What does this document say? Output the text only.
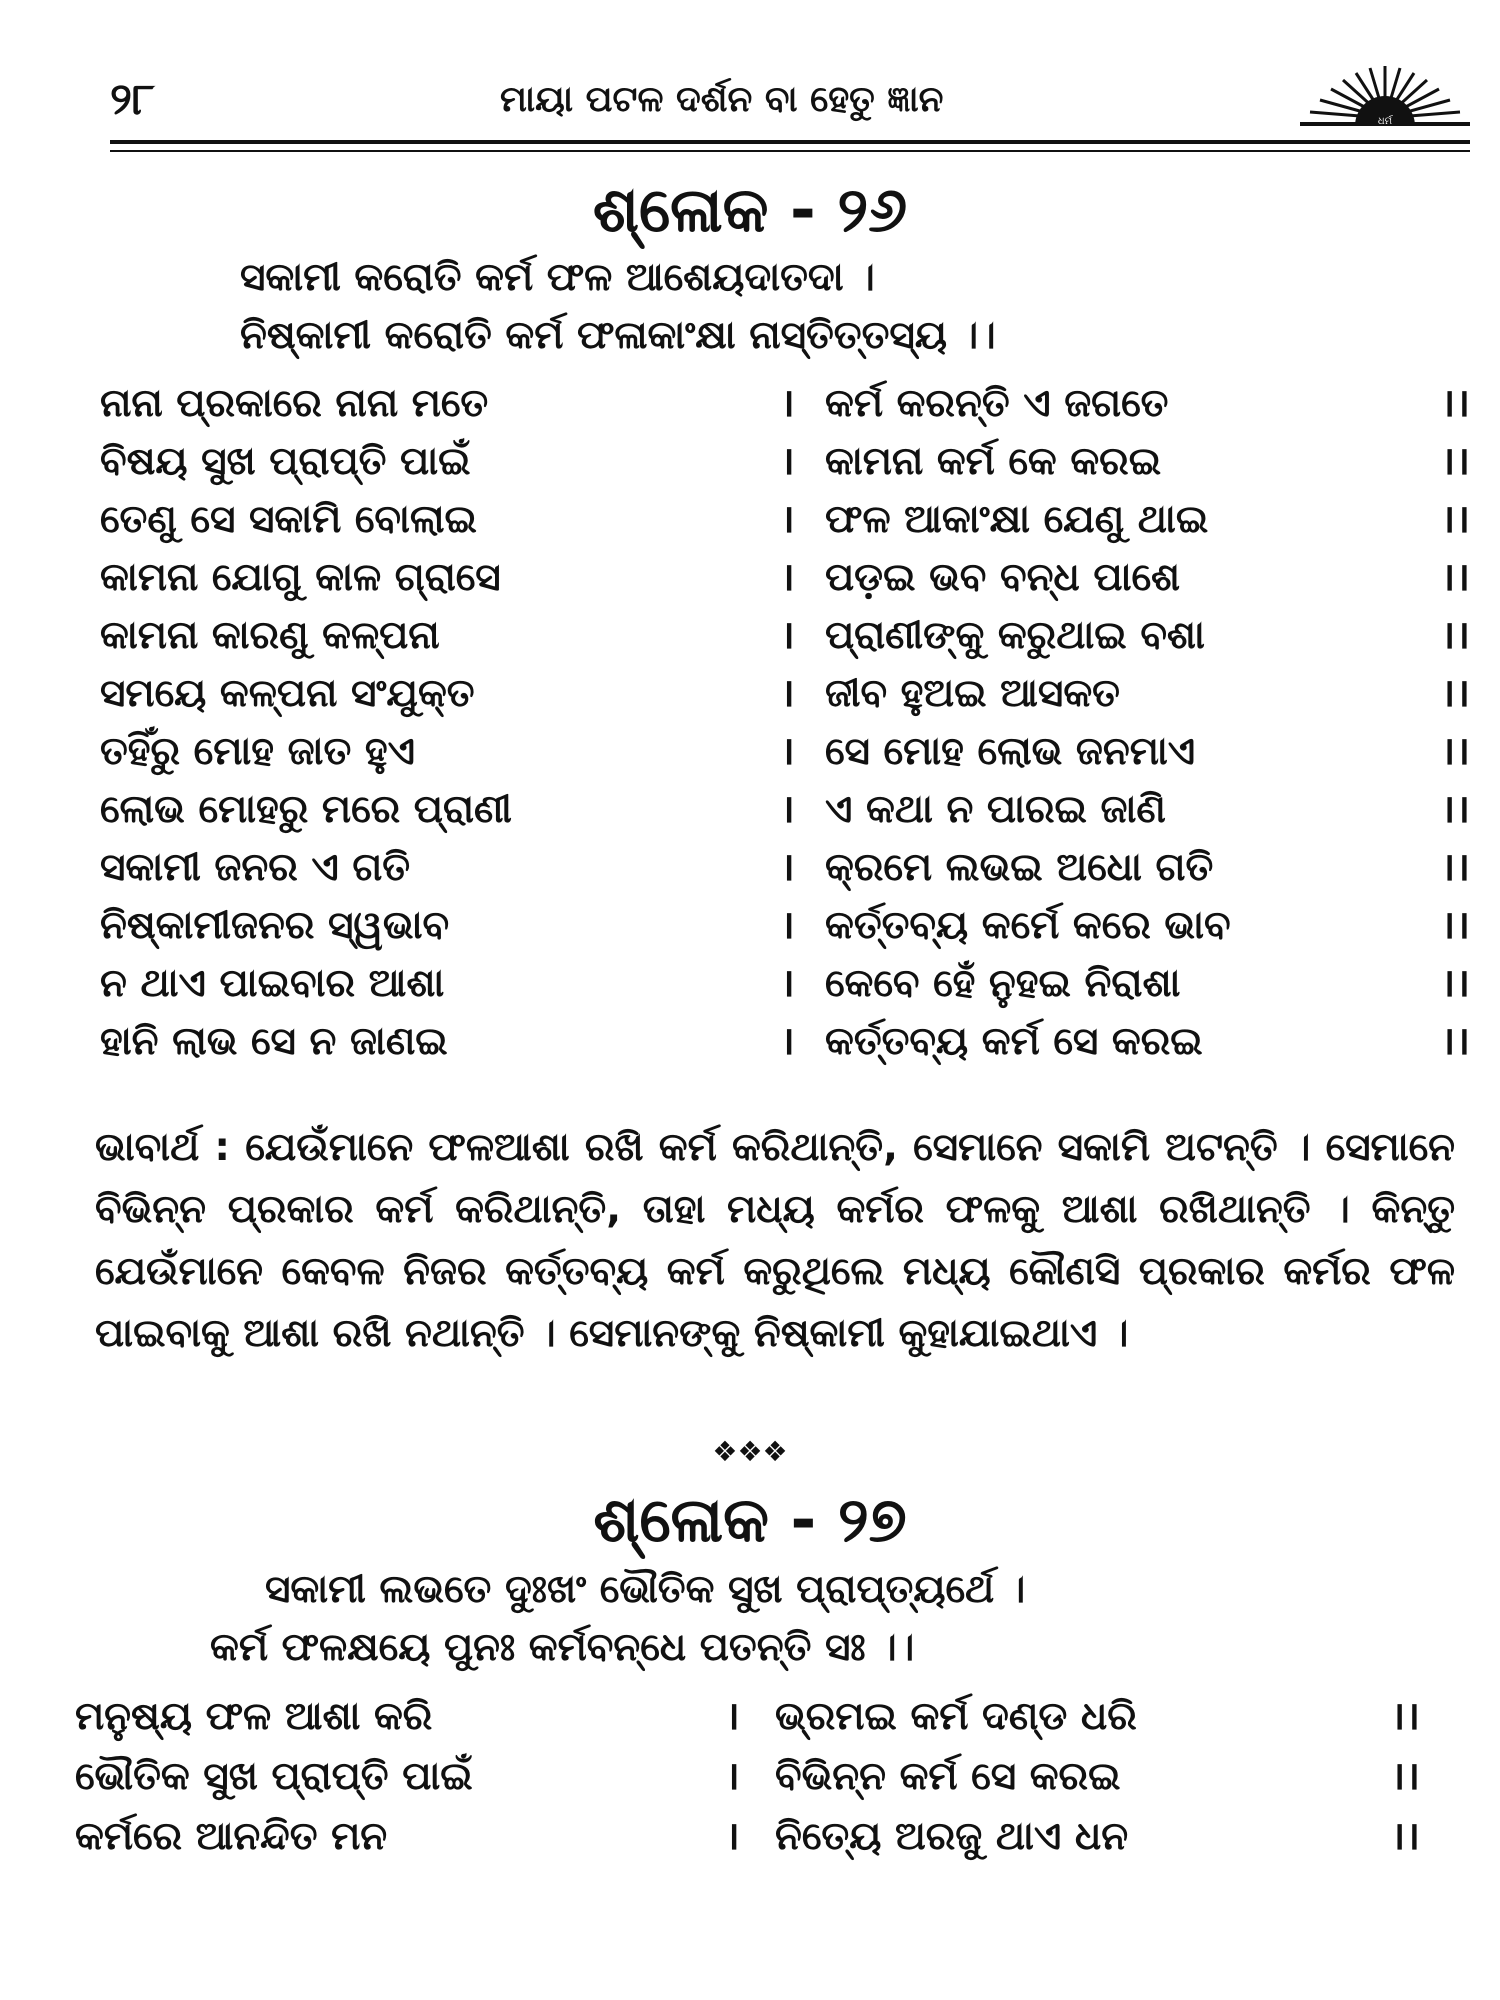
୨୮	ମାୟା ପଟଳ ଦର୍ଶନ ବା ହେତୁ ଜ୍ଞାନ
ଧର୍ମ
ଶ୍ଳୋକ - ୨୬
ସକାମୀ କରୋତି କର୍ମ ଫଳ ଆଶେୟଦାତଦା ।
ନିଷ୍କାମୀ କରୋତି କର୍ମ ଫଳାକାଂକ୍ଷା ନାସ୍ତିତ୍ତସ୍ୟ ।।
ନାନା ପ୍ରକାରେ ନାନା ମତେ	। କର୍ମ କରନ୍ତି ଏ ଜଗତେ	।।
ବିଷୟ ସୁଖ ପ୍ରାପ୍ତି ପାଇଁ	। କାମନା କର୍ମ କେ କରଇ	।।
ତେଣୁ ସେ ସକାମି ବୋଲାଇ	। ଫଳ ଆକାଂକ୍ଷା ଯେଣୁ ଥାଇ	।।
କାମନା ଯୋଗୁ କାଳ ଗ୍ରାସେ	। ପଡ଼ଇ ଭବ ବନ୍ଧ ପାଶେ	।।
କାମନା କାରଣୁ କଳ୍ପନା	। ପ୍ରାଣୀଙ୍କୁ କରୁଥାଇ ବଶା	।।
ସମୟେ କଳ୍ପନା ସଂଯୁକ୍ତ	। ଜୀବ ହୁଅଇ ଆସକତ	।।
ତହିଁରୁ ମୋହ ଜାତ ହୁଏ	। ସେ ମୋହ ଲୋଭ ଜନମାଏ	।।
ଲୋଭ ମୋହରୁ ମରେ ପ୍ରାଣୀ	। ଏ କଥା ନ ପାରଇ ଜାଣି	।।
ସକାମୀ ଜନର ଏ ଗତି	। କ୍ରମେ ଲଭଇ ଅଧୋ ଗତି	।।
ନିଷ୍କାମୀଜନର ସ୍ୱଭାବ	। କର୍ତ୍ତବ୍ୟ କର୍ମେ କରେ ଭାବ	।।
ନ ଥାଏ ପାଇବାର ଆଶା	। କେବେ ହେଁ ନୁହଇ ନିରାଶା	।।
ହାନି ଲାଭ ସେ ନ ଜାଣଇ	। କର୍ତ୍ତବ୍ୟ କର୍ମ ସେ କରଇ	।।
ଭାବାର୍ଥ : ଯେଉଁମାନେ ଫଳଆଶା ରଖି କର୍ମ କରିଥାନ୍ତି, ସେମାନେ ସକାମି ଅଟନ୍ତି । ସେମାନେ ବିଭିନ୍ନ ପ୍ରକାର କର୍ମ କରିଥାନ୍ତି, ତାହା ମଧ୍ୟ କର୍ମର ଫଳକୁ ଆଶା ରଖିଥାନ୍ତି । କିନ୍ତୁ ଯେଉଁମାନେ କେବଳ ନିଜର କର୍ତ୍ତବ୍ୟ କର୍ମ କରୁଥିଲେ ମଧ୍ୟ କୌଣସି ପ୍ରକାର କର୍ମର ଫଳ ପାଇବାକୁ ଆଶା ରଖି ନଥାନ୍ତି । ସେମାନଙ୍କୁ ନିଷ୍କାମୀ କୁହାଯାଇଥାଏ ।
❖❖❖
ଶ୍ଳୋକ - ୨୭
ସକାମୀ ଲଭତେ ଦୁଃଖଂ ଭୌତିକ ସୁଖ ପ୍ରାପ୍ତ୍ୟର୍ଥେ ।
କର୍ମ ଫଳକ୍ଷୟେ ପୁନଃ କର୍ମବନ୍ଧେ ପତନ୍ତି ସଃ ।।
ମନୁଷ୍ୟ ଫଳ ଆଶା କରି	। ଭ୍ରମଇ କର୍ମ ଦଣ୍ଡ ଧରି	।।
ଭୌତିକ ସୁଖ ପ୍ରାପ୍ତି ପାଇଁ	। ବିଭିନ୍ନ କର୍ମ ସେ କରଇ	।।
କର୍ମରେ ଆନନ୍ଦିତ ମନ	। ନିତ୍ୟେ ଅରଜୁ ଥାଏ ଧନ	।।
